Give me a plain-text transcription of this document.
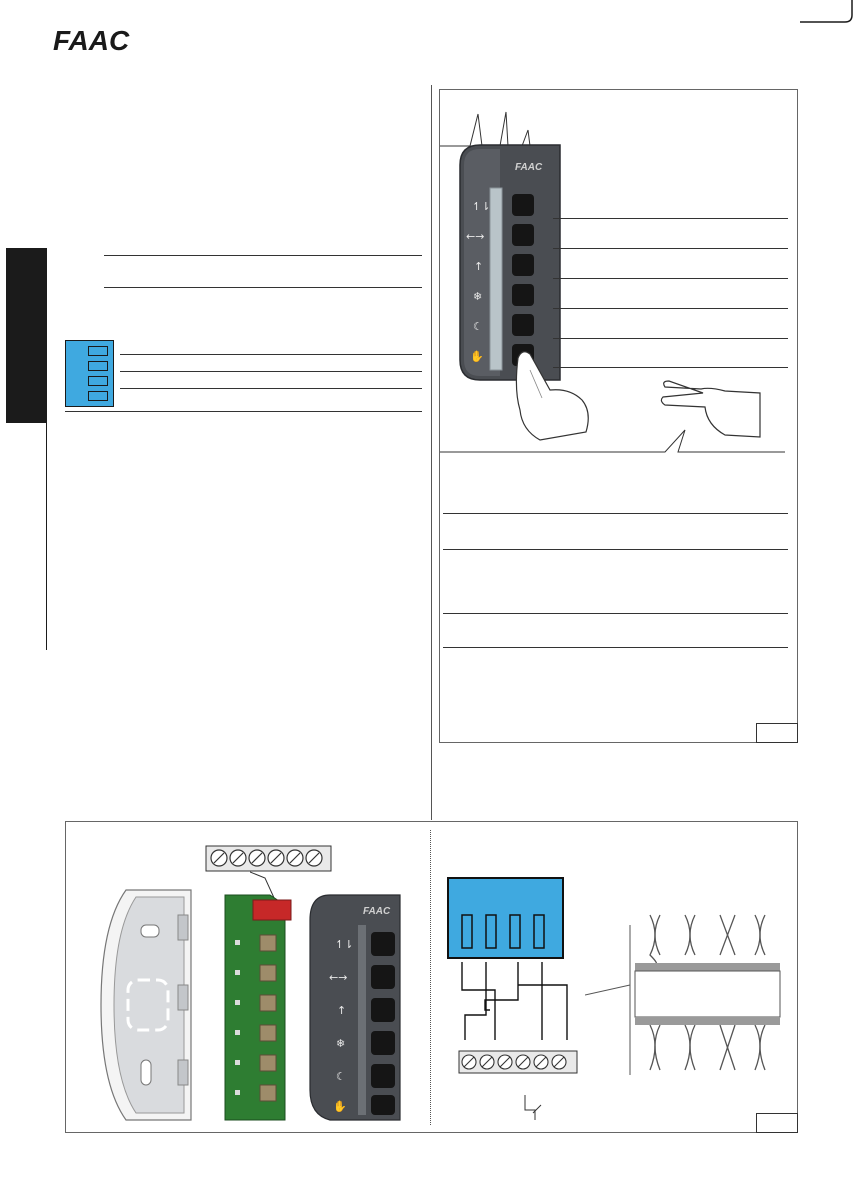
FAAC
FAAC
↿⇂
←→
↑
❄
☾
✋
FAAC
↿⇂
←→
↑
❄
☾
✋
